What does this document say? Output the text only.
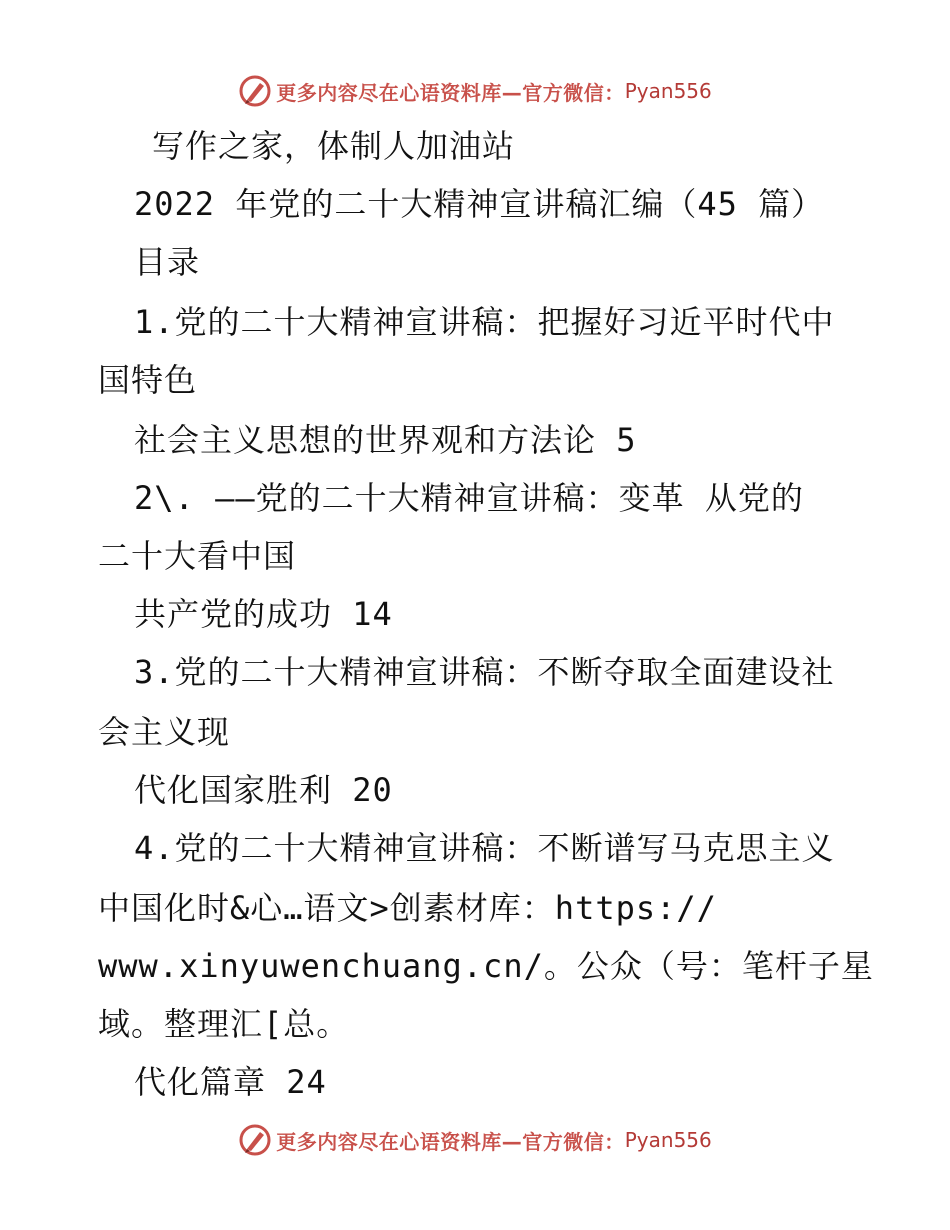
更多内容尽在心语资料库—官方微信： Pyan556
写作之家，体制人加油站
2022 年党的二十大精神宣讲稿汇编（45 篇）
目录
1.党的二十大精神宣讲稿：把握好习近平时代中
国特色
社会主义思想的世界观和方法论 5
2\. ——党的二十大精神宣讲稿：变革 从党的
二十大看中国
共产党的成功 14
3.党的二十大精神宣讲稿：不断夺取全面建设社
会主义现
代化国家胜利 20
4.党的二十大精神宣讲稿：不断谱写马克思主义
中国化时&心…语文>创素材库：https://
www.xinyuwenchuang.cn/。公众（号：笔杆子星
域。整理汇[总。
代化篇章 24
更多内容尽在心语资料库—官方微信： Pyan556
